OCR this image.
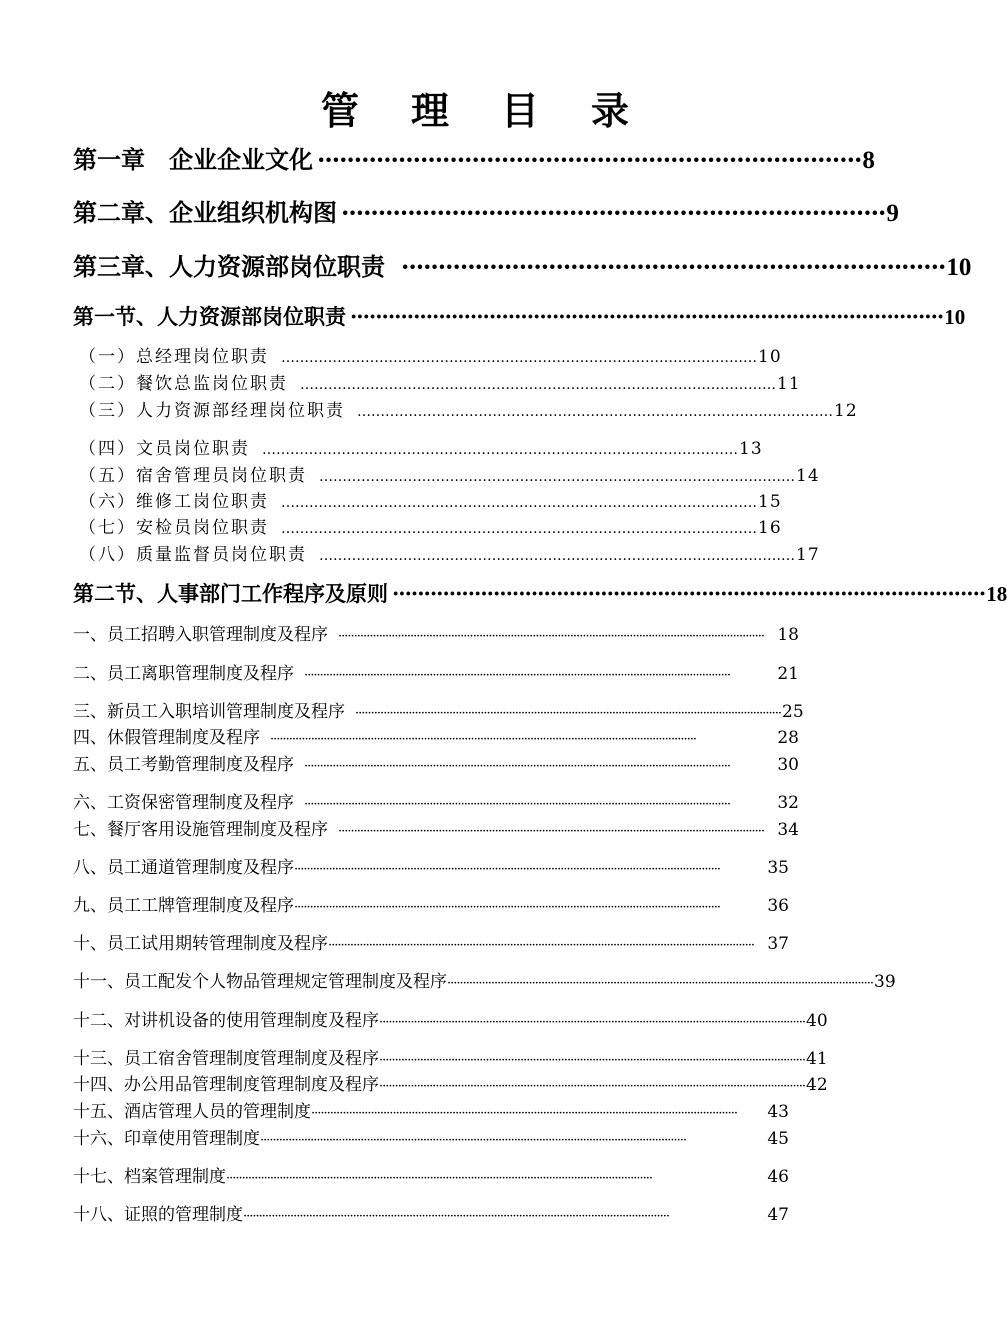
管理目录
第一章　企业企业文化 ·········································································· 8
第二章、企业组织机构图 ·········································································· 9
第三章、人力资源部岗位职责 ·········································································· 10
第一节、人力资源部岗位职责 ······························································································ 10
（一）总经理岗位职责 ………………………………………………………………………………………… 10
（二）餐饮总监岗位职责 ………………………………………………………………………………………… 11
（三）人力资源部经理岗位职责 ………………………………………………………………………………………… 12
（四）文员岗位职责 ………………………………………………………………………………………… 13
（五）宿舍管理员岗位职责 ………………………………………………………………………………………… 14
（六）维修工岗位职责 ………………………………………………………………………………………… 15
（七）安检员岗位职责 ………………………………………………………………………………………… 16
（八）质量监督员岗位职责 ………………………………………………………………………………………… 17
第二节、人事部门工作程序及原则 ······························································································ 18
一、员工招聘入职管理制度及程序 ········································································································································ 18
二、员工离职管理制度及程序 ········································································································································	21
三、新员工入职培训管理制度及程序 ········································································································································ 25
四、休假管理制度及程序 ········································································································································	28
五、员工考勤管理制度及程序 ········································································································································	30
六、工资保密管理制度及程序 ········································································································································	32
七、餐厅客用设施管理制度及程序 ········································································································································ 34
八、员工通道管理制度及程序 ········································································································································	35
九、员工工牌管理制度及程序 ········································································································································	36
十、员工试用期转管理制度及程序 ········································································································································ 37
十一、员工配发个人物品管理规定管理制度及程序 ········································································································································ 39
十二、对讲机设备的使用管理制度及程序 ········································································································································ 40
十三、员工宿舍管理制度管理制度及程序 ········································································································································ 41
十四、办公用品管理制度管理制度及程序 ········································································································································ 42
十五、酒店管理人员的管理制度 ········································································································································	43
十六、印章使用管理制度 ········································································································································	45
十七、档案管理制度 ········································································································································	46
十八、证照的管理制度 ········································································································································	47
